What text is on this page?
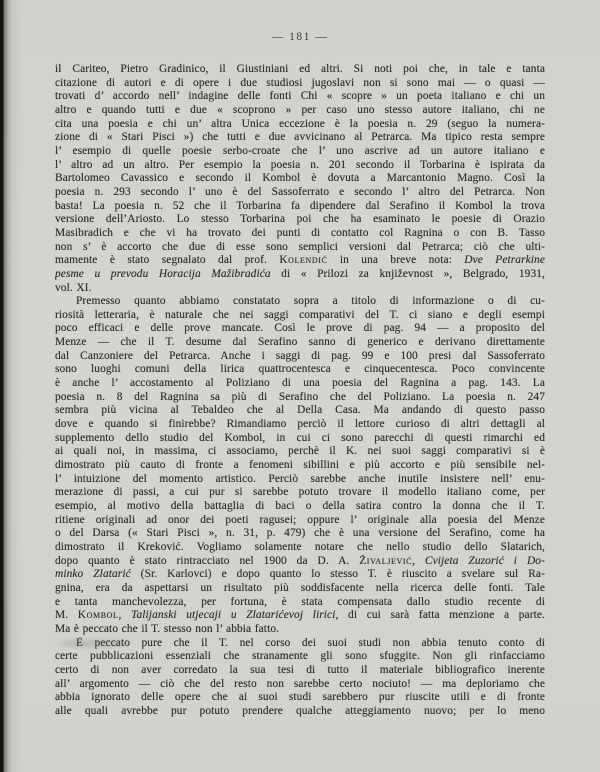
— 181 —
il Cariteo, Pietro Gradinico, il Giustiniani ed altri. Si noti poi che, in tale e tanta
citazione di autori e di opere i due studiosi jugoslavi non si sono mai — o quasi —
trovati d’ accordo nell’ indagine delle fonti Chi « scopre » un poeta italiano e chi un
altro e quando tutti e due « scoprono » per caso uno stesso autore italiano, chi ne
cita una poesia e chi un’ altra Unica eccezione è la poesia n. 29 (seguo la numera-
zione di « Stari Pisci ») che tutti e due avvicinano al Petrarca. Ma tipico resta sempre
l’ esempio di quelle poesie serbo-croate che l’ uno ascrive ad un autore italiano e
l’ altro ad un altro. Per esempio la poesia n. 201 secondo il Torbarina è ispirata da
Bartolomeo Cavassico e secondo il Kombol è dovuta a Marcantonio Magno. Così la
poesia n. 293 secondo l’ uno è del Sassoferrato e secondo l’ altro del Petrarca. Non
basta! La poesia n. 52 che il Torbarina fa dipendere dal Serafino il Kombol la trova
versione dell’Ariosto. Lo stesso Torbarina poi che ha esaminato le poesie di Orazio
Masibradich e che vi ha trovato dei punti di contatto col Ragnina o con B. Tasso
non s’ è accorto che due di esse sono semplici versioni dal Petrarca; ciò che ulti-
mamente è stato segnalato dal prof. Kolendić in una breve nota: Dve Petrarkine
pesme u prevodu Horacija Mažibradića di « Prilozi za književnost », Belgrado, 1931,
vol. XI.
Premesso quanto abbiamo constatato sopra a titolo di informazione o di cu-
riosità letteraria, è naturale che nei saggi comparativi del T. ci siano e degli esempi
poco efficaci e delle prove mancate. Così le prove di pag. 94 — a proposito del
Menze — che il T. desume dal Serafino sanno di generico e derivano direttamente
dal Canzoniere del Petrarca. Anche i saggi di pag. 99 e 100 presi dal Sassoferrato
sono luoghi comuni della lirica quattrocentesca e cinquecentesca. Poco convincente
è anche l’ accostamento al Poliziano di una poesia del Ragnina a pag. 143. La
poesia n. 8 del Ragnina sa più di Serafino che del Poliziano. La poesia n. 247
sembra più vicina al Tebaldeo che al Della Casa. Ma andando di questo passo
dove e quando si finirebbe? Rimandiamo perciò il lettore curioso di altri dettagli al
supplemento dello studio del Kombol, in cui ci sono parecchi di questi rimarchi ed
ai quali noi, in massima, ci associamo, perchè il K. nei suoi saggi comparativi si è
dimostrato più cauto di fronte a fenomeni sibillini e più accorto e più sensibile nel-
l’ intuizione del momento artistico. Perciò sarebbe anche inutile insistere nell’ enu-
merazione di passi, a cui pur si sarebbe potuto trovare il modello italiano come, per
esempio, al motivo della battaglia di baci o della satira contro la donna che il T.
ritiene originali ad onor dei poeti ragusei; oppure l’ originale alla poesia del Menze
o del Darsa (« Stari Pisci », n. 31, p. 479) che è una versione del Serafino, come ha
dimostrato il Kreković. Vogliamo solamente notare che nello studio dello Slatarich,
dopo quanto è stato rintracciato nel 1900 da D. A. Živaljević, Cvijeta Zuzorić i Do-
minko Zlatarić (Sr. Karlovci) e dopo quanto lo stesso T. è riuscito a svelare sul Ra-
gnina, era da aspettarsi un risultato più soddisfacente nella ricerca delle fonti. Tale
e tanta manchevolezza, per fortuna, è stata compensata dallo studio recente di
M. Kombol, Talijanski utjecaji u Zlatarićevoj lirici, di cui sarà fatta menzione a parte.
Ma è peccato che il T. stesso non l’ abbia fatto.
È peccato pure che il T. nel corso dei suoi studi non abbia tenuto conto di
certe pubblicazioni essenziali che stranamente gli sono sfuggite. Non gli rinfacciamo
certo di non aver corredato la sua tesi di tutto il materiale bibliografico inerente
all’ argomento — ciò che del resto non sarebbe certo nociuto! — ma deploriamo che
abbia ignorato delle opere che ai suoi studi sarebbero pur riuscite utili e di fronte
alle quali avrebbe pur potuto prendere qualche atteggiamento nuovo; per lo meno
